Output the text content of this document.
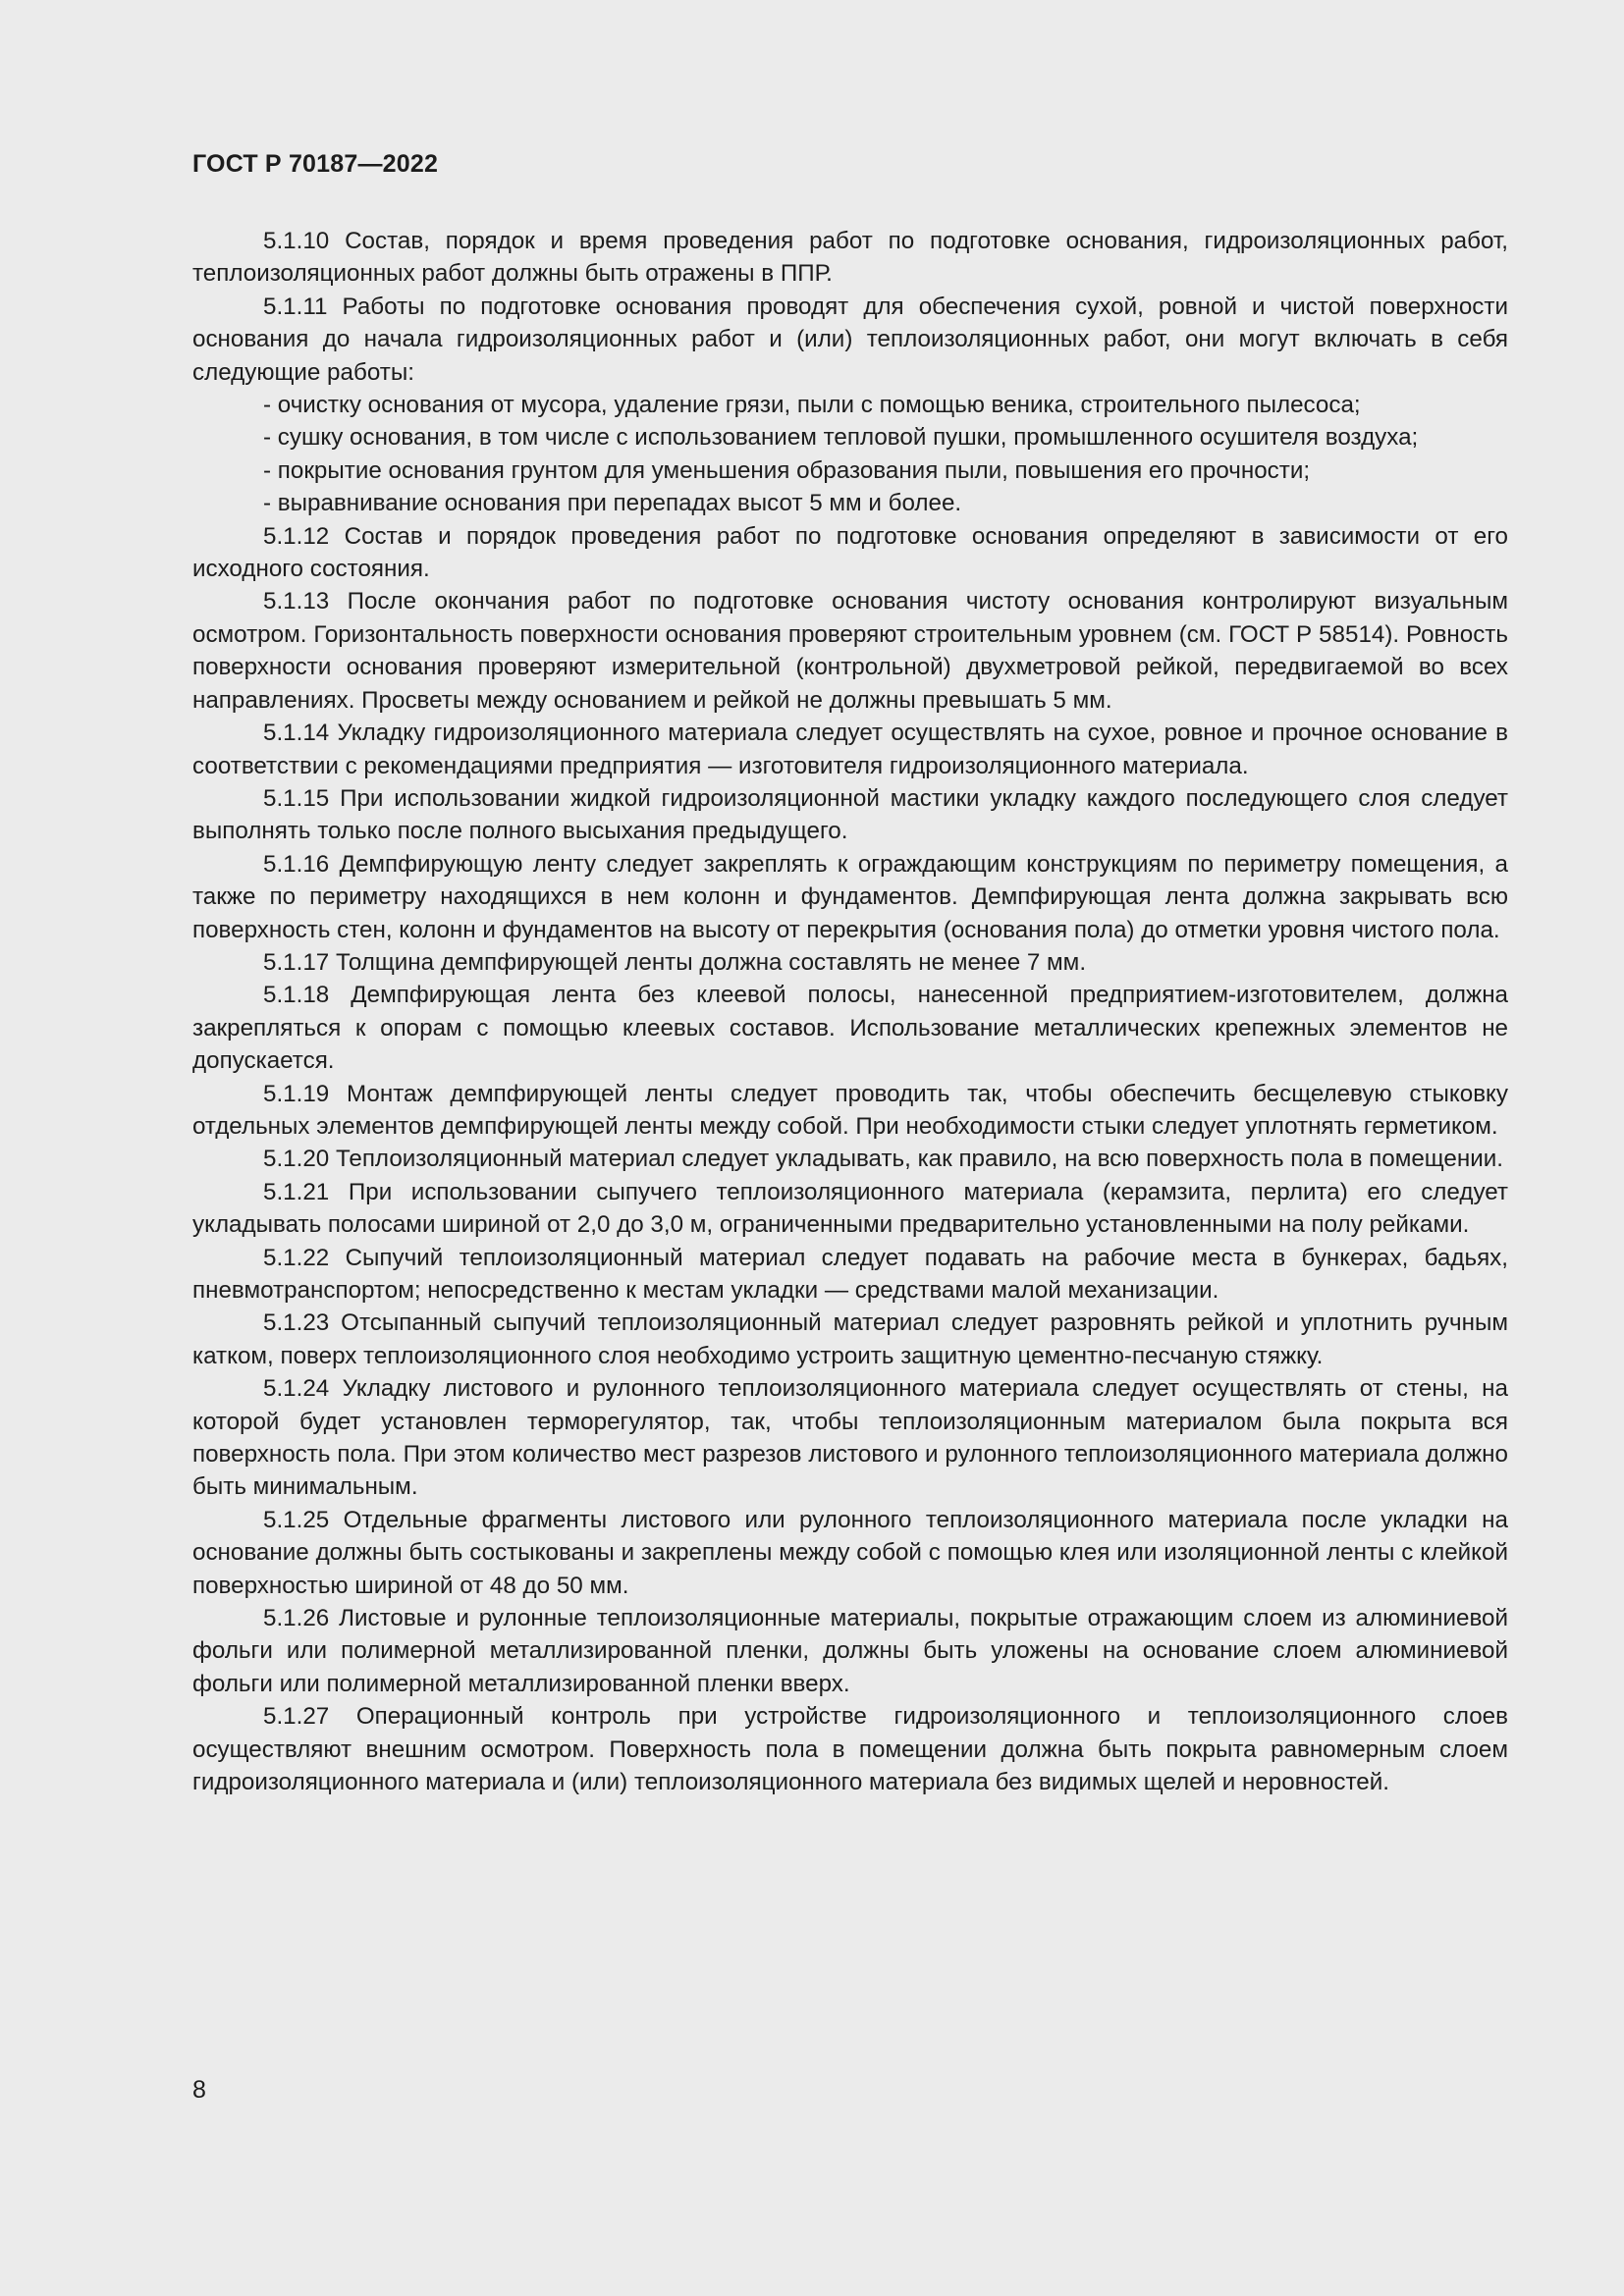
ГОСТ Р 70187—2022

5.1.10 Состав, порядок и время проведения работ по подготовке основания, гидроизоляционных работ, теплоизоляционных работ должны быть отражены в ППР.

5.1.11 Работы по подготовке основания проводят для обеспечения сухой, ровной и чистой поверхности основания до начала гидроизоляционных работ и (или) теплоизоляционных работ, они могут включать в себя следующие работы:

- очистку основания от мусора, удаление грязи, пыли с помощью веника, строительного пылесоса;

- сушку основания, в том числе с использованием тепловой пушки, промышленного осушителя воздуха;

- покрытие основания грунтом для уменьшения образования пыли, повышения его прочности;

- выравнивание основания при перепадах высот 5 мм и более.

5.1.12 Состав и порядок проведения работ по подготовке основания определяют в зависимости от его исходного состояния.

5.1.13 После окончания работ по подготовке основания чистоту основания контролируют визуальным осмотром. Горизонтальность поверхности основания проверяют строительным уровнем (см. ГОСТ Р 58514). Ровность поверхности основания проверяют измерительной (контрольной) двухметровой рейкой, передвигаемой во всех направлениях. Просветы между основанием и рейкой не должны превышать 5 мм.

5.1.14 Укладку гидроизоляционного материала следует осуществлять на сухое, ровное и прочное основание в соответствии с рекомендациями предприятия — изготовителя гидроизоляционного материала.

5.1.15 При использовании жидкой гидроизоляционной мастики укладку каждого последующего слоя следует выполнять только после полного высыхания предыдущего.

5.1.16 Демпфирующую ленту следует закреплять к ограждающим конструкциям по периметру помещения, а также по периметру находящихся в нем колонн и фундаментов. Демпфирующая лента должна закрывать всю поверхность стен, колонн и фундаментов на высоту от перекрытия (основания пола) до отметки уровня чистого пола.

5.1.17 Толщина демпфирующей ленты должна составлять не менее 7 мм.

5.1.18 Демпфирующая лента без клеевой полосы, нанесенной предприятием-изготовителем, должна закрепляться к опорам с помощью клеевых составов. Использование металлических крепежных элементов не допускается.

5.1.19 Монтаж демпфирующей ленты следует проводить так, чтобы обеспечить бесщелевую стыковку отдельных элементов демпфирующей ленты между собой. При необходимости стыки следует уплотнять герметиком.

5.1.20 Теплоизоляционный материал следует укладывать, как правило, на всю поверхность пола в помещении.

5.1.21 При использовании сыпучего теплоизоляционного материала (керамзита, перлита) его следует укладывать полосами шириной от 2,0 до 3,0 м, ограниченными предварительно установленными на полу рейками.

5.1.22 Сыпучий теплоизоляционный материал следует подавать на рабочие места в бункерах, бадьях, пневмотранспортом; непосредственно к местам укладки — средствами малой механизации.

5.1.23 Отсыпанный сыпучий теплоизоляционный материал следует разровнять рейкой и уплотнить ручным катком, поверх теплоизоляционного слоя необходимо устроить защитную цементно-песчаную стяжку.

5.1.24 Укладку листового и рулонного теплоизоляционного материала следует осуществлять от стены, на которой будет установлен терморегулятор, так, чтобы теплоизоляционным материалом была покрыта вся поверхность пола. При этом количество мест разрезов листового и рулонного теплоизоляционного материала должно быть минимальным.

5.1.25 Отдельные фрагменты листового или рулонного теплоизоляционного материала после укладки на основание должны быть состыкованы и закреплены между собой с помощью клея или изоляционной ленты с клейкой поверхностью шириной от 48 до 50 мм.

5.1.26 Листовые и рулонные теплоизоляционные материалы, покрытые отражающим слоем из алюминиевой фольги или полимерной металлизированной пленки, должны быть уложены на основание слоем алюминиевой фольги или полимерной металлизированной пленки вверх.

5.1.27 Операционный контроль при устройстве гидроизоляционного и теплоизоляционного слоев осуществляют внешним осмотром. Поверхность пола в помещении должна быть покрыта равномерным слоем гидроизоляционного материала и (или) теплоизоляционного материала без видимых щелей и неровностей.

8
